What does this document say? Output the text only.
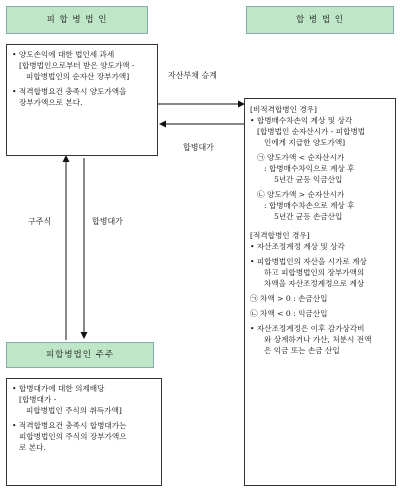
피 합 병 법 인	합 병 법 인
피합병법인 주주
• 양도손익에 대한 법인세 과세
[합병법인으로부터 받은 양도가액 -
피합병법인의 순자산 장부가액]
• 적격합병요건 충족시 양도가액을
장부가액으로 본다.
[비적격합병인 경우]
• 합병매수차손익 계상 및 상각
[합병법인 순자산시가 - 피합병법
인에게 지급한 양도가액]
㉠ 양도가액 < 순자산시가
: 합병매수차익으로 계상 후
5년간 균등 익금산입
㉡ 양도가액 > 순자산시가
: 합병매수차손으로 계상 후
5년간 균등 손금산입
[적격합병인 경우]
• 자산조정계정 계상 및 상각
• 피합병법인의 자산을 시가로 계상
하고 피합병법인의 장부가액의
차액을 자산조정계정으로 계상
㉠ 차액 > 0 : 손금산입
㉡ 차액 < 0 : 익금산입
• 자산조정계정은 이후 감가상각비
와 상계하거나 가산, 처분시 전액
은 익금 또는 손금 산입
• 합병대가에 대한 의제배당
[합병대가 -
피합병법인 주식의 취득가액]
• 적격합병요건 충족시 합병대가는
피합병법인의 주식의 장부가액으
로 본다.
자산부채 승계
합병대가
구주식	합병대가
